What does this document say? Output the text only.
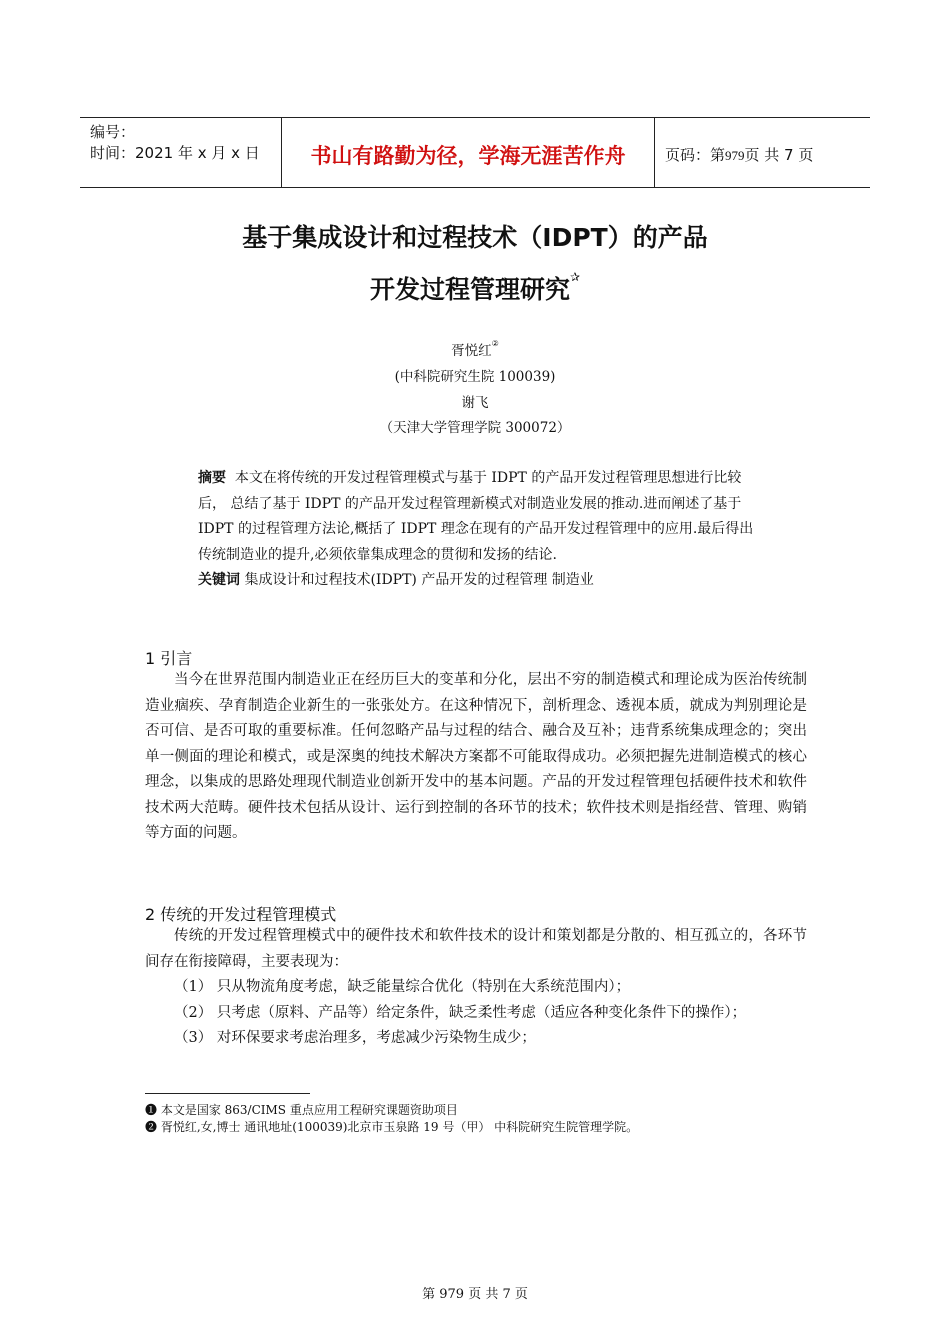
编号：
时间：2021 年 x 月 x 日	书山有路勤为径，学海无涯苦作舟	页码：第979页 共 7 页
基于集成设计和过程技术（IDPT）的产品
开发过程管理研究✰
胥悦红②
(中科院研究生院 100039)
谢飞
（天津大学管理学院 300072）
摘要 本文在将传统的开发过程管理模式与基于 IDPT 的产品开发过程管理思想进行比较后， 总结了基于 IDPT 的产品开发过程管理新模式对制造业发展的推动.进而阐述了基于 IDPT 的过程管理方法论,概括了 IDPT 理念在现有的产品开发过程管理中的应用.最后得出传统制造业的提升,必须依靠集成理念的贯彻和发扬的结论.
关键词 集成设计和过程技术(IDPT) 产品开发的过程管理 制造业
1 引言
当今在世界范围内制造业正在经历巨大的变革和分化，层出不穷的制造模式和理论成为医治传统制造业痼疾、孕育制造企业新生的一张张处方。在这种情况下，剖析理念、透视本质，就成为判别理论是否可信、是否可取的重要标准。任何忽略产品与过程的结合、融合及互补；违背系统集成理念的；突出单一侧面的理论和模式，或是深奥的纯技术解决方案都不可能取得成功。必须把握先进制造模式的核心理念，以集成的思路处理现代制造业创新开发中的基本问题。产品的开发过程管理包括硬件技术和软件技术两大范畴。硬件技术包括从设计、运行到控制的各环节的技术；软件技术则是指经营、管理、购销等方面的问题。
2 传统的开发过程管理模式
传统的开发过程管理模式中的硬件技术和软件技术的设计和策划都是分散的、相互孤立的，各环节间存在衔接障碍，主要表现为：
（1） 只从物流角度考虑，缺乏能量综合优化（特别在大系统范围内）；
（2） 只考虑（原料、产品等）给定条件，缺乏柔性考虑（适应各种变化条件下的操作）；
（3） 对环保要求考虑治理多，考虑减少污染物生成少；
❶ 本文是国家 863/CIMS 重点应用工程研究课题资助项目
❷ 胥悦红,女,博士 通讯地址(100039)北京市玉泉路 19 号（甲） 中科院研究生院管理学院。
第 979 页 共 7 页
